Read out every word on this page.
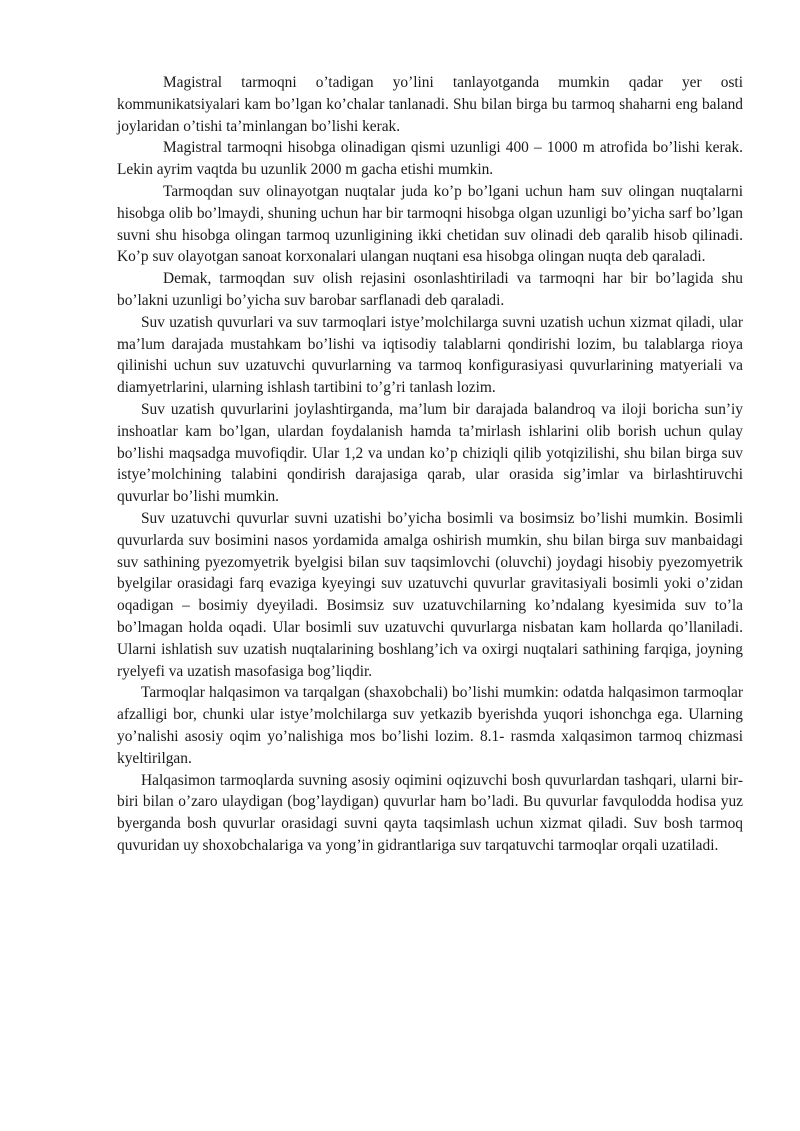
Magistral tarmoqni o’tadigan yo’lini tanlayotganda mumkin qadar yer osti kommunikatsiyalari kam bo’lgan ko’chalar tanlanadi. Shu bilan birga bu tarmoq shaharni eng baland joylaridan o’tishi ta’minlangan bo’lishi kerak.

Magistral tarmoqni hisobga olinadigan qismi uzunligi 400 – 1000 m atrofida bo’lishi kerak. Lekin ayrim vaqtda bu uzunlik 2000 m gacha etishi mumkin.

Tarmoqdan suv olinayotgan nuqtalar juda ko’p bo’lgani uchun ham suv olingan nuqtalarni hisobga olib bo’lmaydi, shuning uchun har bir tarmoqni hisobga olgan uzunligi bo’yicha sarf bo’lgan suvni shu hisobga olingan tarmoq uzunligining ikki chetidan suv olinadi deb qaralib hisob qilinadi. Ko’p suv olayotgan sanoat korxonalari ulangan nuqtani esa hisobga olingan nuqta deb qaraladi.

Demak, tarmoqdan suv olish rejasini osonlashtiriladi va tarmoqni har bir bo’lagida shu bo’lakni uzunligi bo’yicha suv barobar sarflanadi deb qaraladi.

Suv uzatish quvurlari va suv tarmoqlari istye’molchilarga suvni uzatish uchun xizmat qiladi, ular ma’lum darajada mustahkam bo’lishi va iqtisodiy talablarni qondirishi lozim, bu talablarga rioya qilinishi uchun suv uzatuvchi quvurlarning va tarmoq konfigurasiyasi quvurlarining matyeriali va diamyetrlarini, ularning ishlash tartibini to’g’ri tanlash lozim.

Suv uzatish quvurlarini joylashtirganda, ma’lum bir darajada balandroq va iloji boricha sun’iy inshoatlar kam bo’lgan, ulardan foydalanish hamda ta’mirlash ishlarini olib borish uchun qulay bo’lishi maqsadga muvofiqdir. Ular 1,2 va undan ko’p chiziqli qilib yotqizilishi, shu bilan birga suv istye’molchining talabini qondirish darajasiga qarab, ular orasida sig’imlar va birlashtiruvchi quvurlar bo’lishi mumkin.

Suv uzatuvchi quvurlar suvni uzatishi bo’yicha bosimli va bosimsiz bo’lishi mumkin. Bosimli quvurlarda suv bosimini nasos yordamida amalga oshirish mumkin, shu bilan birga suv manbaidagi suv sathining pyezomyetrik byelgisi bilan suv taqsimlovchi (oluvchi) joydagi hisobiy pyezomyetrik byelgilar orasidagi farq evaziga kyeyingi suv uzatuvchi quvurlar gravitasiyali bosimli yoki o’zidan oqadigan – bosimiy dyeyiladi. Bosimsiz suv uzatuvchilarning ko’ndalang kyesimida suv to’la bo’lmagan holda oqadi. Ular bosimli suv uzatuvchi quvurlarga nisbatan kam hollarda qo’llaniladi. Ularni ishlatish suv uzatish nuqtalarining boshlang’ich va oxirgi nuqtalari sathining farqiga, joyning ryelyefi va uzatish masofasiga bog’liqdir.

Tarmoqlar halqasimon va tarqalgan (shaxobchali) bo’lishi mumkin: odatda halqasimon tarmoqlar afzalligi bor, chunki ular istye’molchilarga suv yetkazib byerishda yuqori ishonchga ega. Ularning yo’nalishi asosiy oqim yo’nalishiga mos bo’lishi lozim. 8.1- rasmda xalqasimon tarmoq chizmasi kyeltirilgan.

Halqasimon tarmoqlarda suvning asosiy oqimini oqizuvchi bosh quvurlardan tashqari, ularni bir-biri bilan o’zaro ulaydigan (bog’laydigan) quvurlar ham bo’ladi. Bu quvurlar favqulodda hodisa yuz byerganda bosh quvurlar orasidagi suvni qayta taqsimlash uchun xizmat qiladi. Suv bosh tarmoq quvuridan uy shoxobchalariga va yong’in gidrantlariga suv tarqatuvchi tarmoqlar orqali uzatiladi.
